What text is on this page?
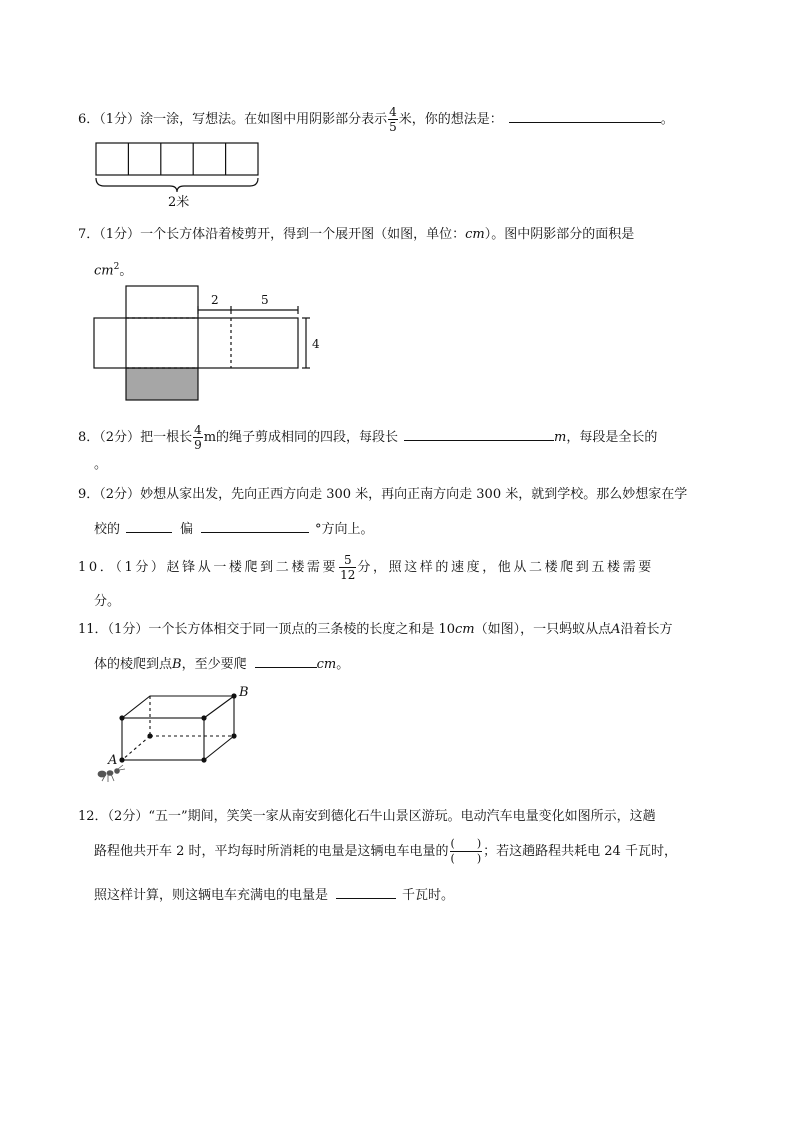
6．（1分）涂一涂，写想法。在如图中用阴影部分表示 $\frac{4}{5}$ 米，你的想法是：	。
2米
7．（1分）一个长方体沿着棱剪开，得到一个展开图（如图，单位：cm）。图中阴影部分的面积是
$cm^2$。
2	5
4
8．（2分）把一根长 $\frac{4}{9}$ m的绳子剪成相同的四段，每段长	m，每段是全长的
。
9．（2分）妙想从家出发，先向正西方向走 300 米，再向正南方向走 300 米，就到学校。那么妙想家在学
校的	偏	°方向上。
10．（1分）赵锋从一楼爬到二楼需要 $\frac{5}{12}$ 分，照这样的速度，他从二楼爬到五楼需要
分。
11．（1分）一个长方体相交于同一顶点的三条棱的长度之和是 10cm（如图），一只蚂蚁从点A沿着长方
体的棱爬到点B，至少要爬	cm。
A
B
12．（2分）“五一”期间，笑笑一家从南安到德化石牛山景区游玩。电动汽车电量变化如图所示，这趟
路程他共开车 2 时，平均每时所消耗的电量是这辆电车电量的 $\frac{( )}{( )}$ ；若这趟路程共耗电 24 千瓦时，
照这样计算，则这辆电车充满电的电量是	千瓦时。
